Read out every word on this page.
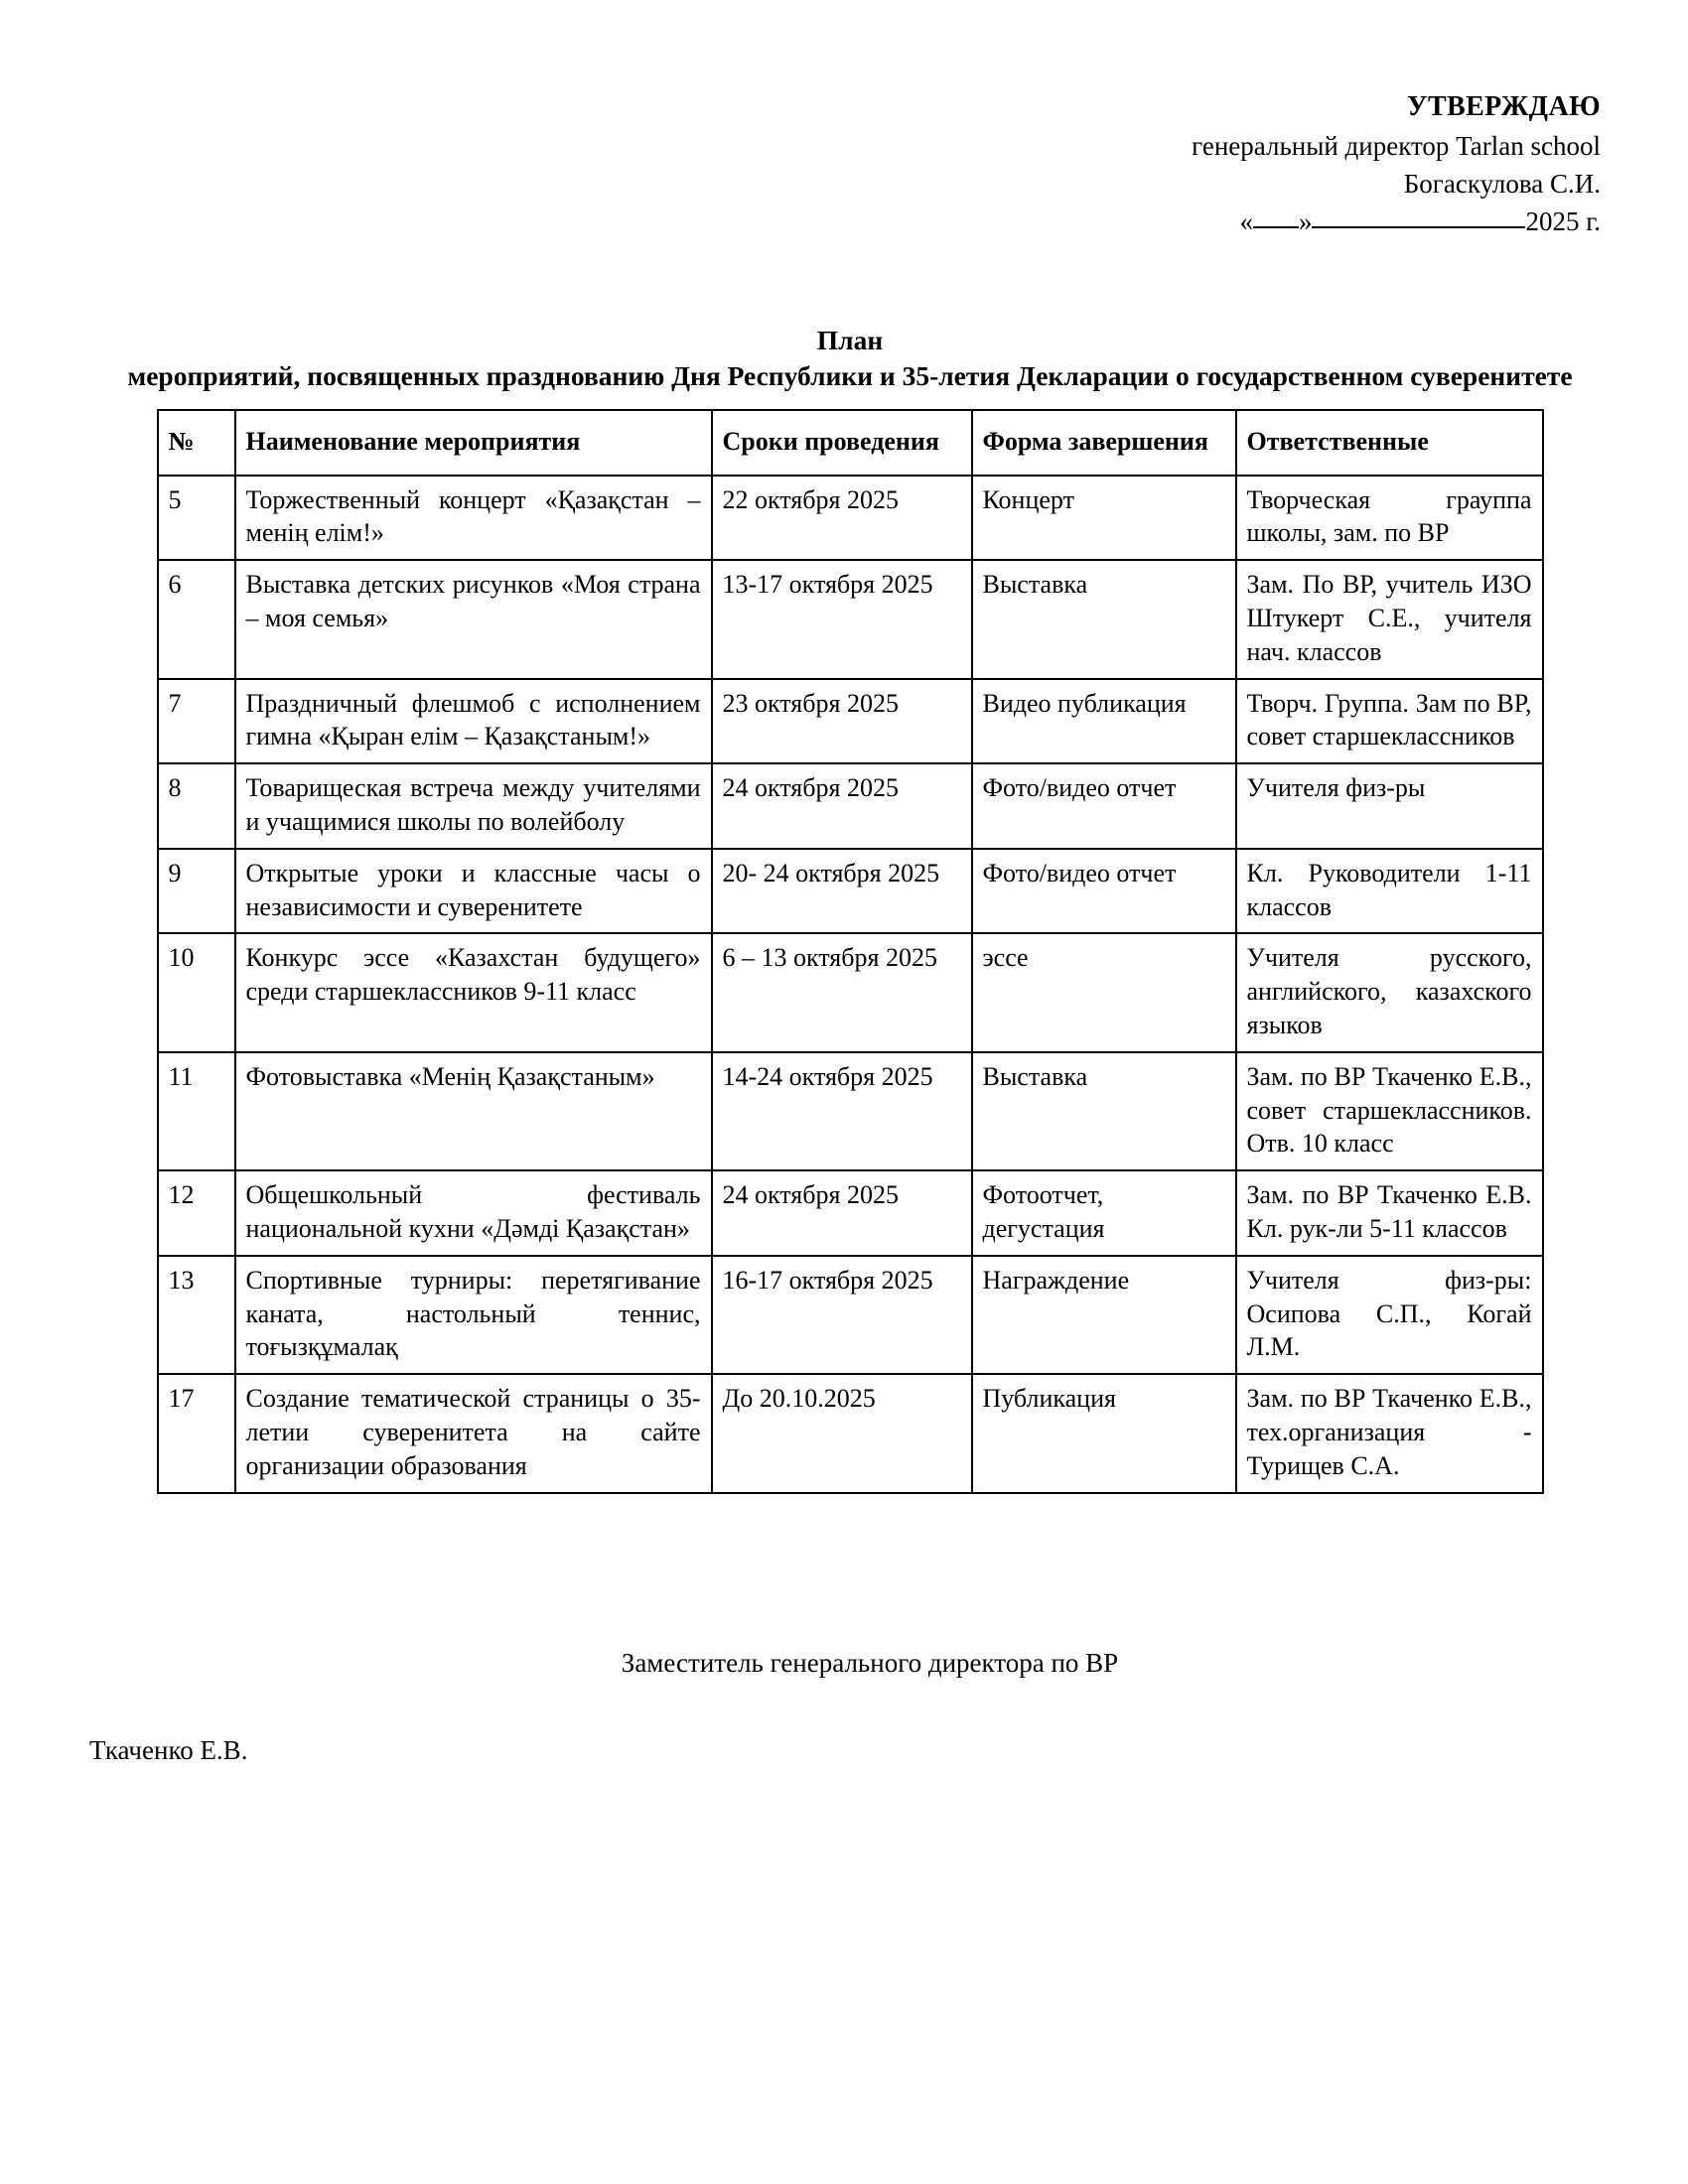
УТВЕРЖДАЮ
генеральный директор Tarlan school
Богаскулова С.И.
« »	2025 г.
План
мероприятий, посвященных празднованию Дня Республики и 35-летия Декларации о государственном суверенитете
№	Наименование мероприятия	Сроки проведения	Форма завершения	Ответственные
5	Торжественный концерт «Қазақстан – менің елім!»	22 октября 2025	Концерт	Творческая грауппа школы, зам. по ВР
6	Выставка детских рисунков «Моя страна – моя семья»	13-17 октября 2025	Выставка	Зам. По ВР, учитель ИЗО Штукерт С.Е., учителя нач. классов
7	Праздничный флешмоб с исполнением гимна «Қыран елім – Қазақстаным!»	23 октября 2025	Видео публикация	Творч. Группа. Зам по ВР, совет старшеклассников
8	Товарищеская встреча между учителями и учащимися школы по волейболу	24 октября 2025	Фото/видео отчет	Учителя физ-ры
9	Открытые уроки и классные часы о независимости и суверенитете	20- 24 октября 2025	Фото/видео отчет	Кл. Руководители 1-11 классов
10	Конкурс эссе «Казахстан будущего» среди старшеклассников 9-11 класс	6 – 13 октября 2025	эссе	Учителя русского, английского, казахского языков
11	Фотовыставка «Менің Қазақстаным»	14-24 октября 2025	Выставка	Зам. по ВР Ткаченко Е.В., совет старшеклассников. Отв. 10 класс
12	Общешкольный фестиваль национальной кухни «Дәмді Қазақстан»	24 октября 2025	Фотоотчет, дегустация	Зам. по ВР Ткаченко Е.В. Кл. рук-ли 5-11 классов
13	Спортивные турниры: перетягивание каната, настольный теннис, тоғызқұмалақ	16-17 октября 2025	Награждение	Учителя физ-ры: Осипова С.П., Когай Л.М.
17	Создание тематической страницы о 35-летии суверенитета на сайте организации образования	До 20.10.2025	Публикация	Зам. по ВР Ткаченко Е.В., тех.организация - Турищев С.А.
Заместитель генерального директора по ВР
Ткаченко Е.В.
